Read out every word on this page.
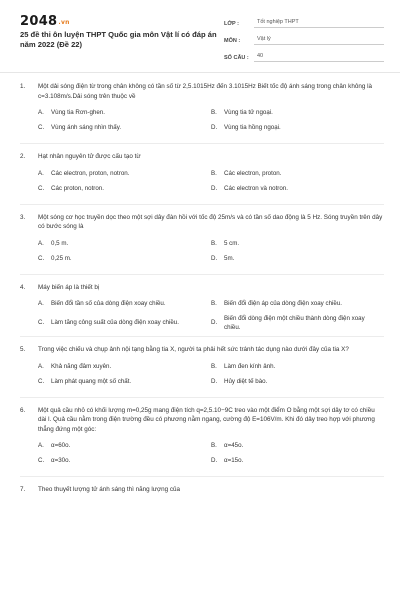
2048.vn
25 đề thi ôn luyện THPT Quốc gia môn Vật lí có đáp án năm 2022 (Đề 22)
LỚP :	Tốt nghiệp THPT
MÔN :	Vật lý
SỐ CÂU :	40
1.	Một dải sóng điện từ trong chân không có tần số từ 2,5.1015Hz đến 3.1015Hz Biết tốc độ ánh sáng trong chân không là c=3.108m/s.Dải sóng trên thuộc về
A.	Vùng tia Rơn-ghen.	B.	Vùng tia tử ngoại.
C.	Vùng ánh sáng nhìn thấy.	D.	Vùng tia hồng ngoại.
2.	Hạt nhân nguyên tử được cấu tạo từ
A.	Các electron, proton, notron.	B.	Các electron, proton.
C.	Các proton, notron.	D.	Các electron và notron.
3.	Một sóng cơ học truyền dọc theo một sợi dây đàn hồi với tốc độ 25m/s và có tần số dao động là 5 Hz. Sóng truyền trên dây có bước sóng là
A.	0,5 m.	B.	5 cm.
C.	0,25 m.	D.	5m.
4.	Máy biến áp là thiết bị
A.	Biến đổi tần số của dòng điện xoay chiều.	B.	Biến đổi điện áp của dòng điện xoay chiều.
C.	Làm tăng công suất của dòng điện xoay chiều.	D.
Biến đổi dòng điện một chiều thành dòng điện xoay chiều.
5.	Trong việc chiếu và chụp ảnh nội tạng bằng tia X, người ta phải hết sức tránh tác dụng nào dưới đây của tia X?
A.	Khả năng đâm xuyên.	B.	Làm đen kính ảnh.
C.	Làm phát quang một số chất.	D.	Hủy diệt tế bào.
6.	Một quả cầu nhỏ có khối lượng m=0,25g mang điện tích q=2,5.10−9C treo vào một điểm O bằng một sợi dây tơ có chiều dài l. Quả cầu nằm trong điện trường đều có phương nằm ngang, cường độ E=106V/m. Khi đó dây treo hợp với phương thẳng đứng một góc:
A.	α=60o.	B.	α=45o.
C.	α=30o.	D.	α=15o.
7.	Theo thuyết lượng tử ánh sáng thì năng lượng của
